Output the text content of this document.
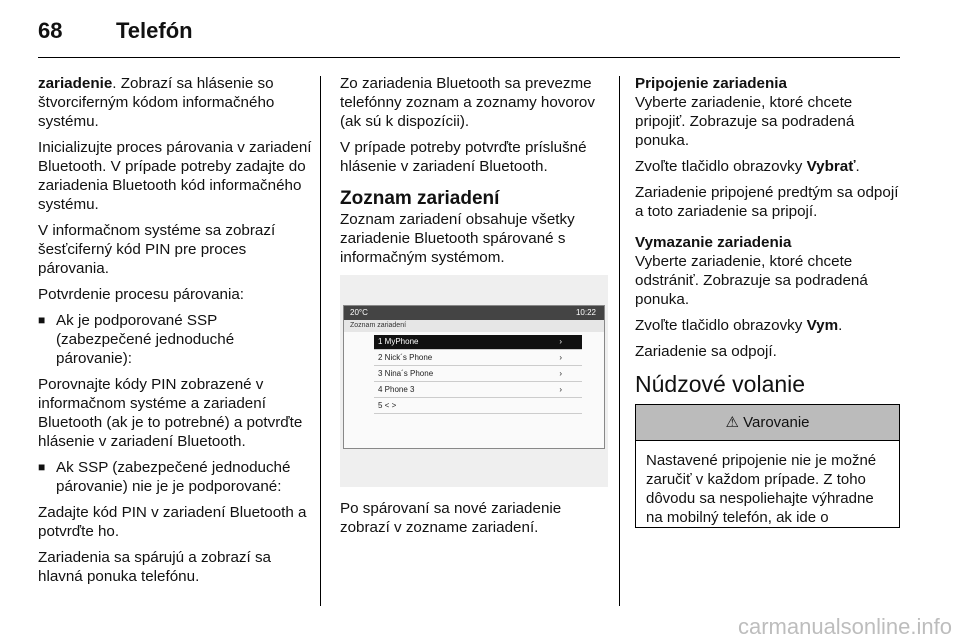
68 Telefón

zariadenie. Zobrazí sa hlásenie so štvorciferným kódom informačného systému.

Inicializujte proces párovania v zariadení Bluetooth. V prípade potreby zadajte do zariadenia Bluetooth kód informačného systému.

V informačnom systéme sa zobrazí šesťciferný kód PIN pre proces párovania.

Potvrdenie procesu párovania:

■ Ak je podporované SSP (zabezpečené jednoduché párovanie):

Porovnajte kódy PIN zobrazené v informačnom systéme a zariadení Bluetooth (ak je to potrebné) a potvrďte hlásenie v zariadení Bluetooth.

■ Ak SSP (zabezpečené jednoduché párovanie) nie je je podporované:

Zadajte kód PIN v zariadení Bluetooth a potvrďte ho.

Zariadenia sa spárujú a zobrazí sa hlavná ponuka telefónu.

Zo zariadenia Bluetooth sa prevezme telefónny zoznam a zoznamy hovorov (ak sú k dispozícii).

V prípade potreby potvrďte príslušné hlásenie v zariadení Bluetooth.

Zoznam zariadení

Zoznam zariadení obsahuje všetky zariadenie Bluetooth spárované s informačným systémom.

20°C	10:22
Zoznam zariadení
1 MyPhone	›
2 Nick´s Phone	›
3 Nina´s Phone	›
4 Phone 3	›
5 < >

Po spárovaní sa nové zariadenie zobrazí v zozname zariadení.

Pripojenie zariadenia

Vyberte zariadenie, ktoré chcete pripojiť. Zobrazuje sa podradená ponuka.

Zvoľte tlačidlo obrazovky Vybrať.

Zariadenie pripojené predtým sa odpojí a toto zariadenie sa pripojí.

Vymazanie zariadenia

Vyberte zariadenie, ktoré chcete odstrániť. Zobrazuje sa podradená ponuka.

Zvoľte tlačidlo obrazovky Vym.

Zariadenie sa odpojí.

Núdzové volanie

⚠ Varovanie
Nastavené pripojenie nie je možné zaručiť v každom prípade. Z toho dôvodu sa nespoliehajte výhradne na mobilný telefón, ak ide o
carmanualsonline.info
